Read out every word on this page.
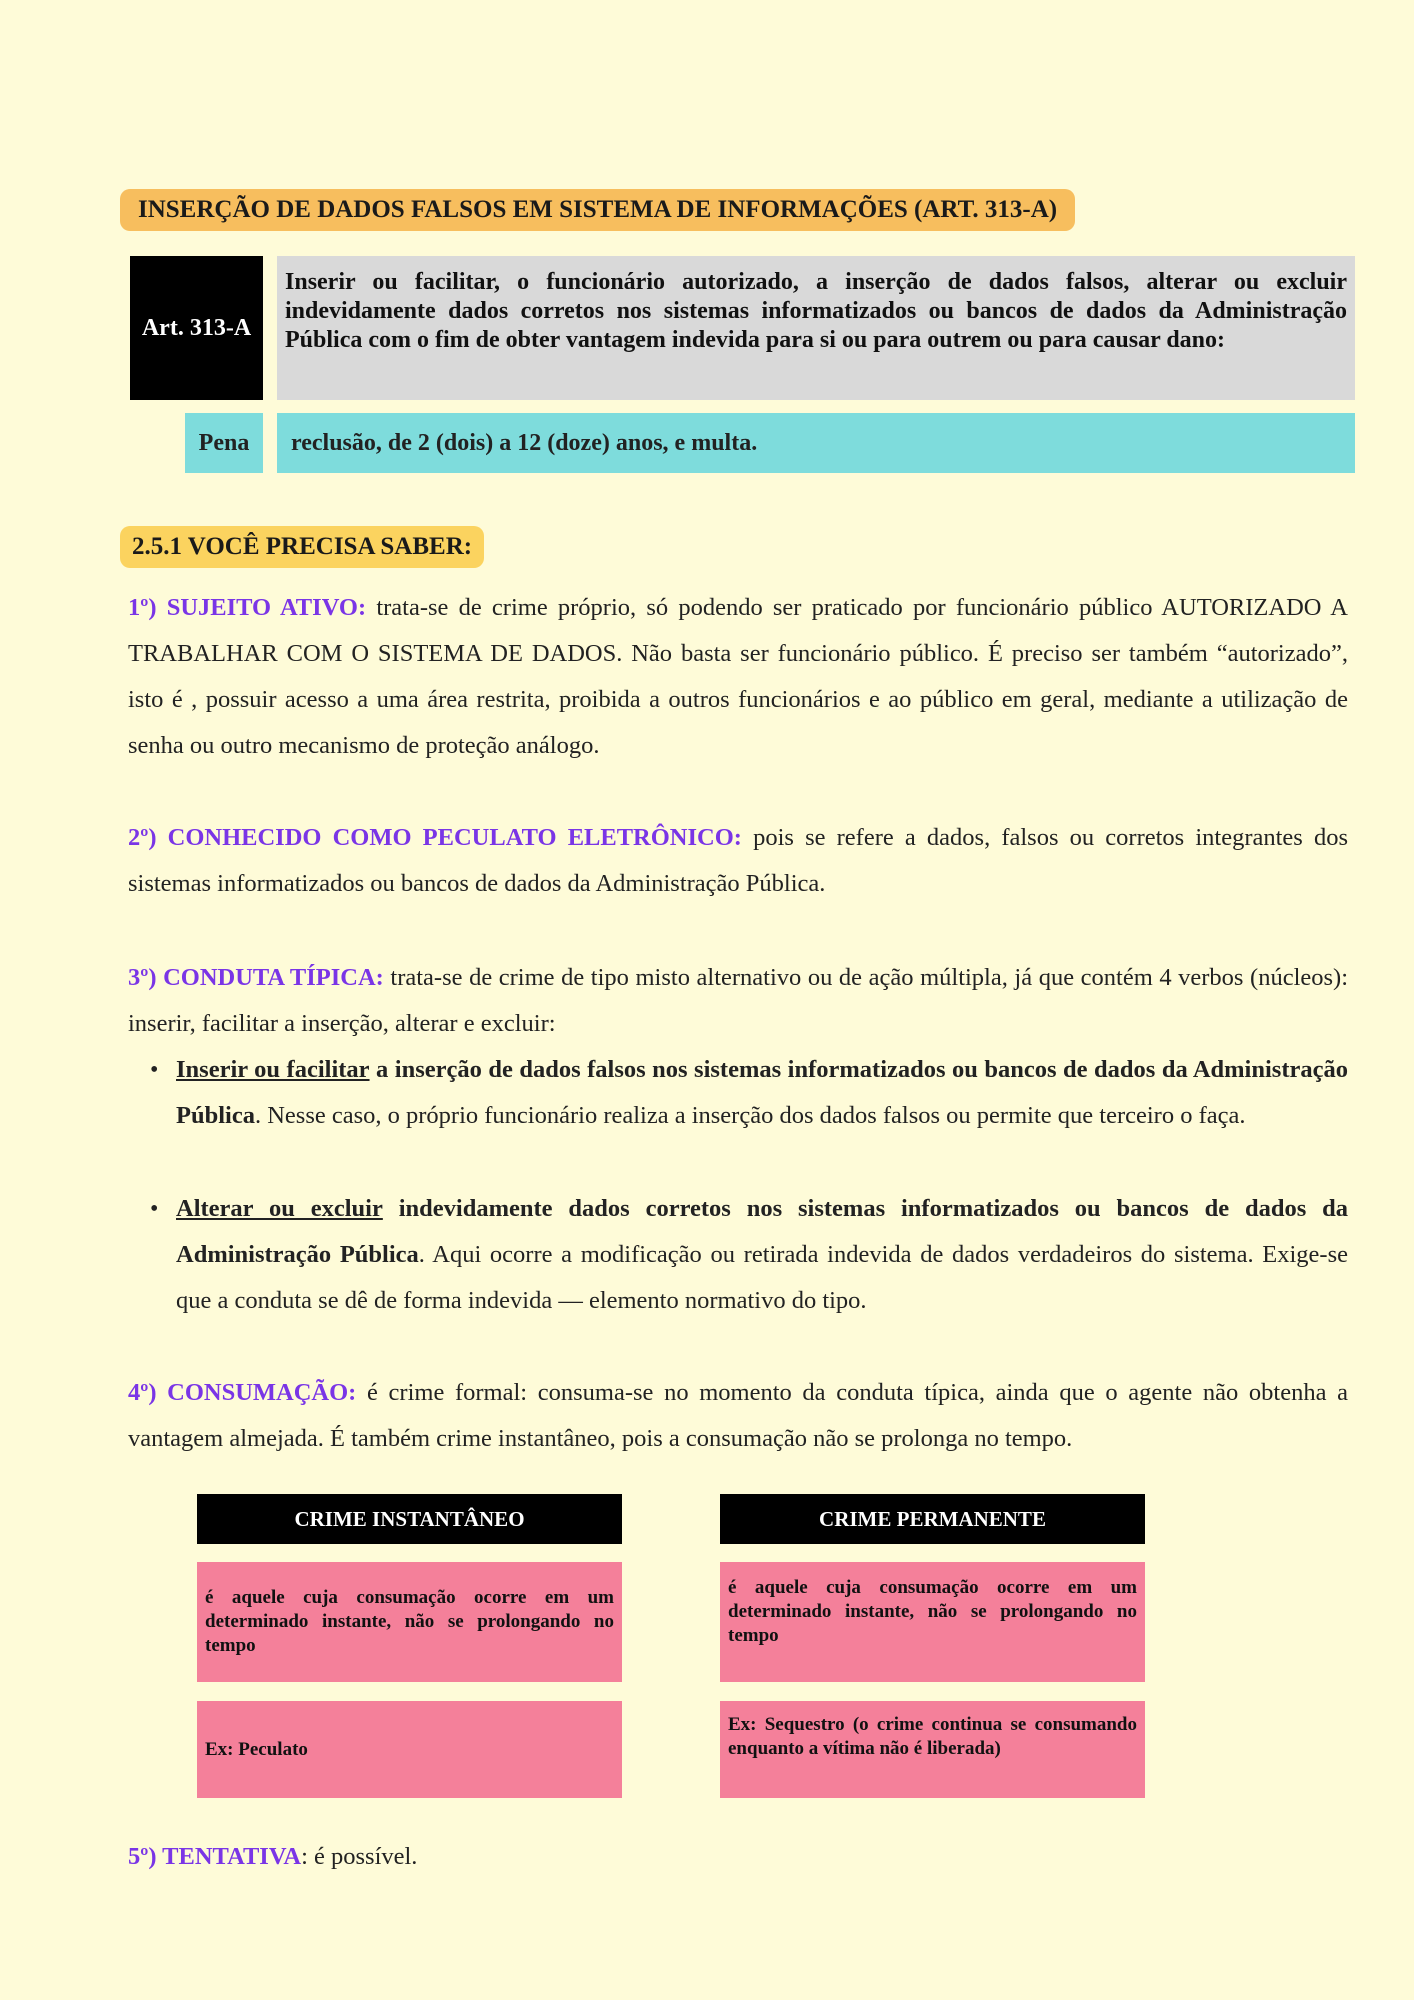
INSERÇÃO DE DADOS FALSOS EM SISTEMA DE INFORMAÇÕES (ART. 313-A)
Art. 313-A
Inserir ou facilitar, o funcionário autorizado, a inserção de dados falsos, alterar ou excluir indevidamente dados corretos nos sistemas informatizados ou bancos de dados da Administração Pública com o fim de obter vantagem indevida para si ou para outrem ou para causar dano:
Pena	reclusão, de 2 (dois) a 12 (doze) anos, e multa.
2.5.1 VOCÊ PRECISA SABER:
1º) SUJEITO ATIVO: trata-se de crime próprio, só podendo ser praticado por funcionário público AUTORIZADO A TRABALHAR COM O SISTEMA DE DADOS. Não basta ser funcionário público. É preciso ser também “autorizado”, isto é , possuir acesso a uma área restrita, proibida a outros funcionários e ao público em geral, mediante a utilização de senha ou outro mecanismo de proteção análogo.
2º) CONHECIDO COMO PECULATO ELETRÔNICO: pois se refere a dados, falsos ou corretos integrantes dos sistemas informatizados ou bancos de dados da Administração Pública.
3º) CONDUTA TÍPICA: trata-se de crime de tipo misto alternativo ou de ação múltipla, já que contém 4 verbos (núcleos): inserir, facilitar a inserção, alterar e excluir:
• Inserir ou facilitar a inserção de dados falsos nos sistemas informatizados ou bancos de dados da Administração Pública. Nesse caso, o próprio funcionário realiza a inserção dos dados falsos ou permite que terceiro o faça.
• Alterar ou excluir indevidamente dados corretos nos sistemas informatizados ou bancos de dados da Administração Pública. Aqui ocorre a modificação ou retirada indevida de dados verdadeiros do sistema. Exige-se que a conduta se dê de forma indevida — elemento normativo do tipo.
4º) CONSUMAÇÃO: é crime formal: consuma-se no momento da conduta típica, ainda que o agente não obtenha a vantagem almejada. É também crime instantâneo, pois a consumação não se prolonga no tempo.
CRIME INSTANTÂNEO
é aquele cuja consumação ocorre em um determinado instante, não se prolongando no tempo
Ex: Peculato
CRIME PERMANENTE
é aquele cuja consumação ocorre em um determinado instante, não se prolongando no tempo
Ex: Sequestro (o crime continua se consumando enquanto a vítima não é liberada)
5º) TENTATIVA: é possível.
